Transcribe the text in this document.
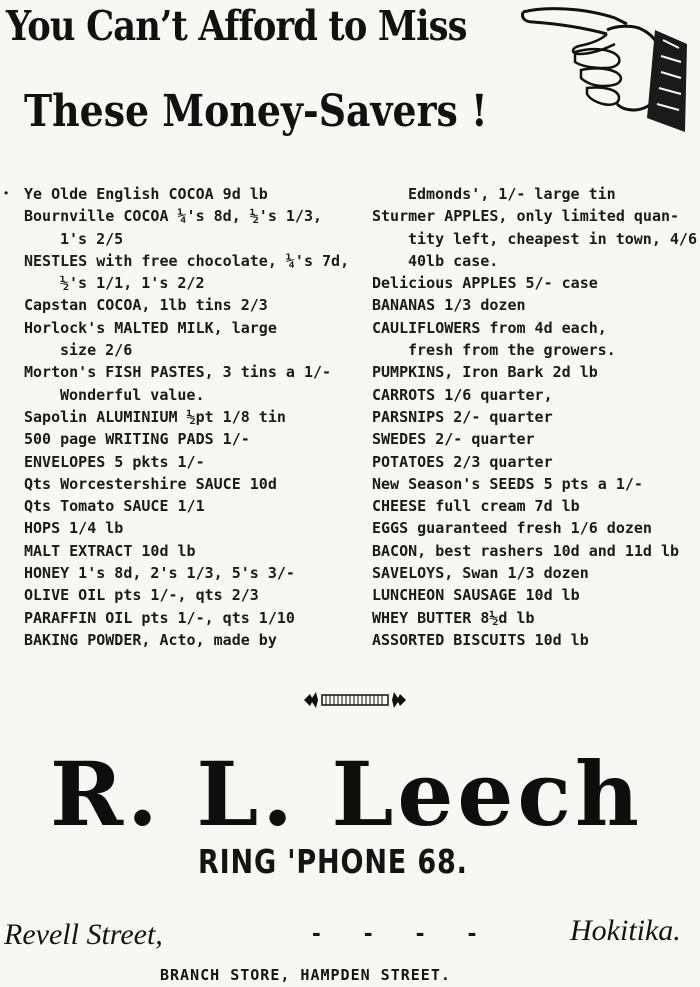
You Can’t Afford to Miss
These Money-Savers !
• Ye Olde English COCOA 9d lb
Bournville COCOA ¼'s 8d, ½'s 1/3,
1's 2/5
NESTLES with free chocolate, ¼'s 7d,
½'s 1/1, 1's 2/2
Capstan COCOA, 1lb tins 2/3
Horlock's MALTED MILK, large
size 2/6
Morton's FISH PASTES, 3 tins a 1/-
Wonderful value.
Sapolin ALUMINIUM ½pt 1/8 tin
500 page WRITING PADS 1/-
ENVELOPES 5 pkts 1/-
Qts Worcestershire SAUCE 10d
Qts Tomato SAUCE 1/1
HOPS 1/4 lb
MALT EXTRACT 10d lb
HONEY 1's 8d, 2's 1/3, 5's 3/-
OLIVE OIL pts 1/-, qts 2/3
PARAFFIN OIL pts 1/-, qts 1/10
BAKING POWDER, Acto, made by
Edmonds', 1/- large tin
Sturmer APPLES, only limited quan-
tity left, cheapest in town, 4/6
40lb case.
Delicious APPLES 5/- case
BANANAS 1/3 dozen
CAULIFLOWERS from 4d each,
fresh from the growers.
PUMPKINS, Iron Bark 2d lb
CARROTS 1/6 quarter,
PARSNIPS 2/- quarter
SWEDES 2/- quarter
POTATOES 2/3 quarter
New Season's SEEDS 5 pts a 1/-
CHEESE full cream 7d lb
EGGS guaranteed fresh 1/6 dozen
BACON, best rashers 10d and 11d lb
SAVELOYS, Swan 1/3 dozen
LUNCHEON SAUSAGE 10d lb
WHEY BUTTER 8½d lb
ASSORTED BISCUITS 10d lb
R. L. Leech
RING 'PHONE 68.
Revell Street,	- - - -	Hokitika.
BRANCH STORE, HAMPDEN STREET.
